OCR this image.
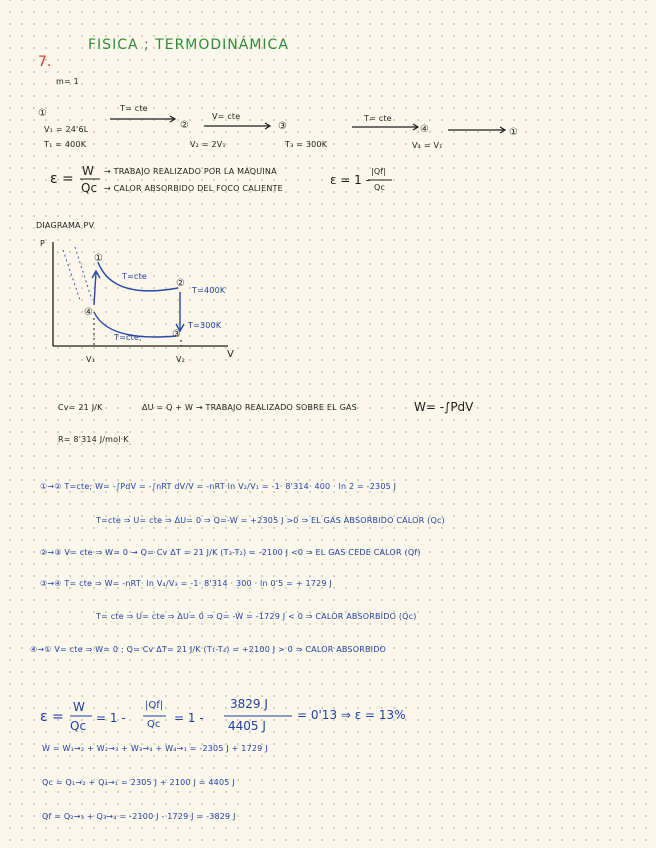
FISICA ; TERMODINÁMICA
7.
m= 1
①
V₁ = 24'6L
T₁ = 400K
T= cte
②
V= cte
V₂ = 2V₁
③
T₃ = 300K
T= cte
④
V₄ = V₁
①
ε = W
Qc
→ TRABAJO REALIZADO POR LA MÁQUINA
→ CALOR ABSORBIDO DEL FOCO CALIENTE
ε = 1 -
|Qf|
Qc
DIAGRAMA PV
P
①
②
③
④
T=cte
T=cte,
T=400K
T=300K
V₁	V₂	V
Cv= 21 J/K	ΔU = Q + W → TRABAJO REALIZADO SOBRE EL GAS	W= -∫PdV
R= 8'314 J/mol·K
①→② T=cte; W= -∫PdV = -∫nRT dV/V = -nRT·ln V₂/V₁ = -1· 8'314· 400 · ln 2 = -2305 J
T=cte ⇒ U= cte ⇒ ΔU= 0 ⇒ Q=-W = +2305 J >0 ⇒ EL GAS ABSORBIDO CALOR (Qc)
②→③ V= cte ⇒ W= 0 → Q= Cv ΔT = 21 J/K (T₃-T₂) = -2100 J <0 ⇒ EL GAS CEDE CALOR (Qf)
③→④ T= cte ⇒ W= -nRT· ln V₄/V₃ = -1· 8'314 · 300 · ln 0'5 = + 1729 J
T= cte ⇒ U= cte ⇒ ΔU= 0 ⇒ Q= -W = -1729 J < 0 ⇒ CALOR ABSORBIDO (Qc)
④→① V= cte ⇒ W= 0 ; Q= Cv ΔT= 21 J/K (T₁-T₄) = +2100 J > 0 ⇒ CALOR ABSORBIDO
ε =
W
Qc
= 1 -
|Qf|
Qc = 1 -
3829 J
4405 J
= 0'13 ⇒ ε = 13%
W = W₁→₂ + W₂→₃ + W₃→₄ + W₄→₁ = -2305 J + 1729 J
Qc = Q₁→₂ + Q₄→₁ = 2305 J + 2100 J = 4405 J
Qf = Q₂→₃ + Q₃→₄ = -2100 J - 1729 J = -3829 J
